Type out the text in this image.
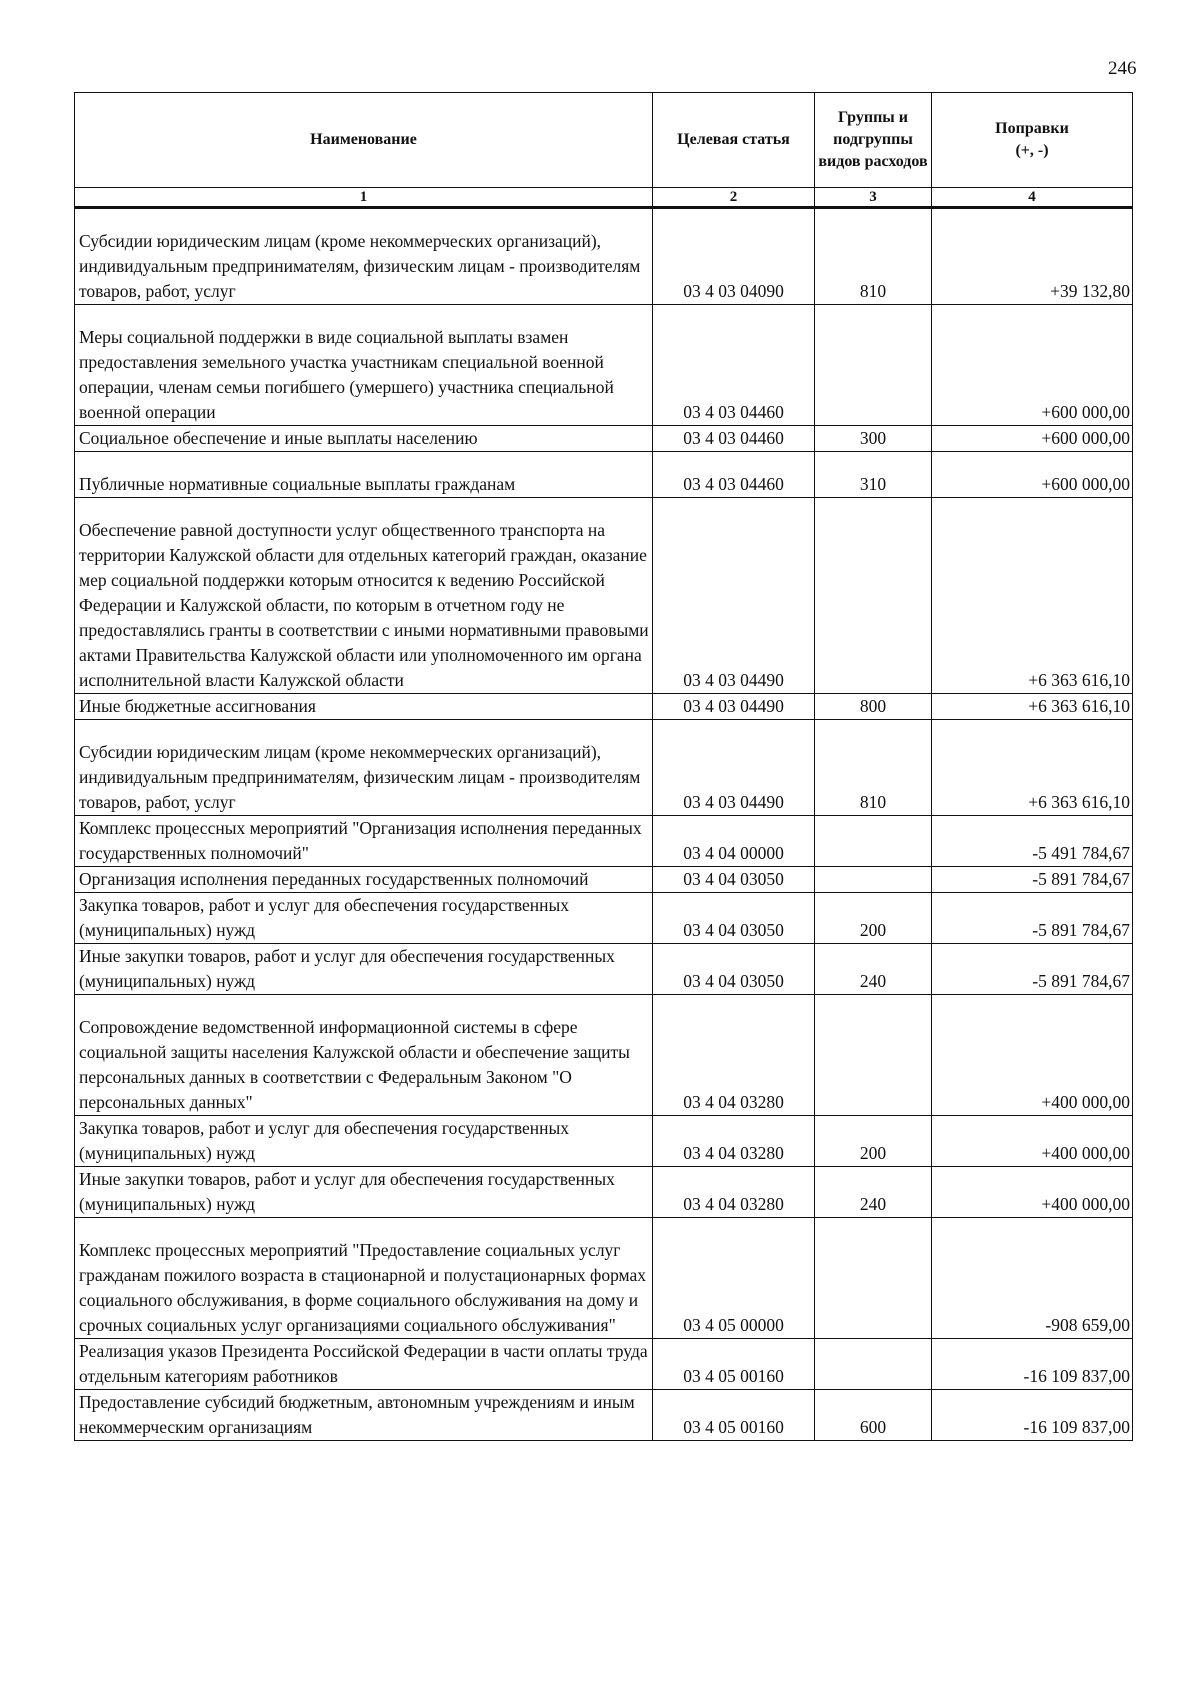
246
Наименование	Целевая статья	Группы и подгруппы видов расходов	Поправки
(+, -)

1	2	3	4
Субсидии юридическим лицам (кроме некоммерческих организаций), индивидуальным предпринимателям, физическим лицам - производителям товаров, работ, услуг	03 4 03 04090	810	+39 132,80
Меры социальной поддержки в виде социальной выплаты взамен предоставления земельного участка участникам специальной военной операции, членам семьи погибшего (умершего) участника специальной военной операции	03 4 03 04460		+600 000,00
Социальное обеспечение и иные выплаты населению	03 4 03 04460	300	+600 000,00
Публичные нормативные социальные выплаты гражданам	03 4 03 04460	310	+600 000,00
Обеспечение равной доступности услуг общественного транспорта на территории Калужской области для отдельных категорий граждан, оказание мер социальной поддержки которым относится к ведению Российской Федерации и Калужской области, по которым в отчетном году не предоставлялись гранты в соответствии с иными нормативными правовыми актами Правительства Калужской области или уполномоченного им органа исполнительной власти Калужской области	03 4 03 04490		+6 363 616,10
Иные бюджетные ассигнования	03 4 03 04490	800	+6 363 616,10
Субсидии юридическим лицам (кроме некоммерческих организаций), индивидуальным предпринимателям, физическим лицам - производителям товаров, работ, услуг	03 4 03 04490	810	+6 363 616,10
Комплекс процессных мероприятий "Организация исполнения переданных государственных полномочий"	03 4 04 00000		-5 491 784,67
Организация исполнения переданных государственных полномочий	03 4 04 03050		-5 891 784,67
Закупка товаров, работ и услуг для обеспечения государственных (муниципальных) нужд	03 4 04 03050	200	-5 891 784,67
Иные закупки товаров, работ и услуг для обеспечения государственных (муниципальных) нужд	03 4 04 03050	240	-5 891 784,67
Сопровождение ведомственной информационной системы в сфере социальной защиты населения Калужской области и обеспечение защиты персональных данных в соответствии с Федеральным Законом "О персональных данных"	03 4 04 03280		+400 000,00
Закупка товаров, работ и услуг для обеспечения государственных (муниципальных) нужд	03 4 04 03280	200	+400 000,00
Иные закупки товаров, работ и услуг для обеспечения государственных (муниципальных) нужд	03 4 04 03280	240	+400 000,00
Комплекс процессных мероприятий "Предоставление социальных услуг гражданам пожилого возраста в стационарной и полустационарных формах социального обслуживания, в форме социального обслуживания на дому и срочных социальных услуг организациями социального обслуживания"	03 4 05 00000		-908 659,00
Реализация указов Президента Российской Федерации в части оплаты труда отдельным категориям работников	03 4 05 00160		-16 109 837,00
Предоставление субсидий бюджетным, автономным учреждениям и иным некоммерческим организациям	03 4 05 00160	600	-16 109 837,00
